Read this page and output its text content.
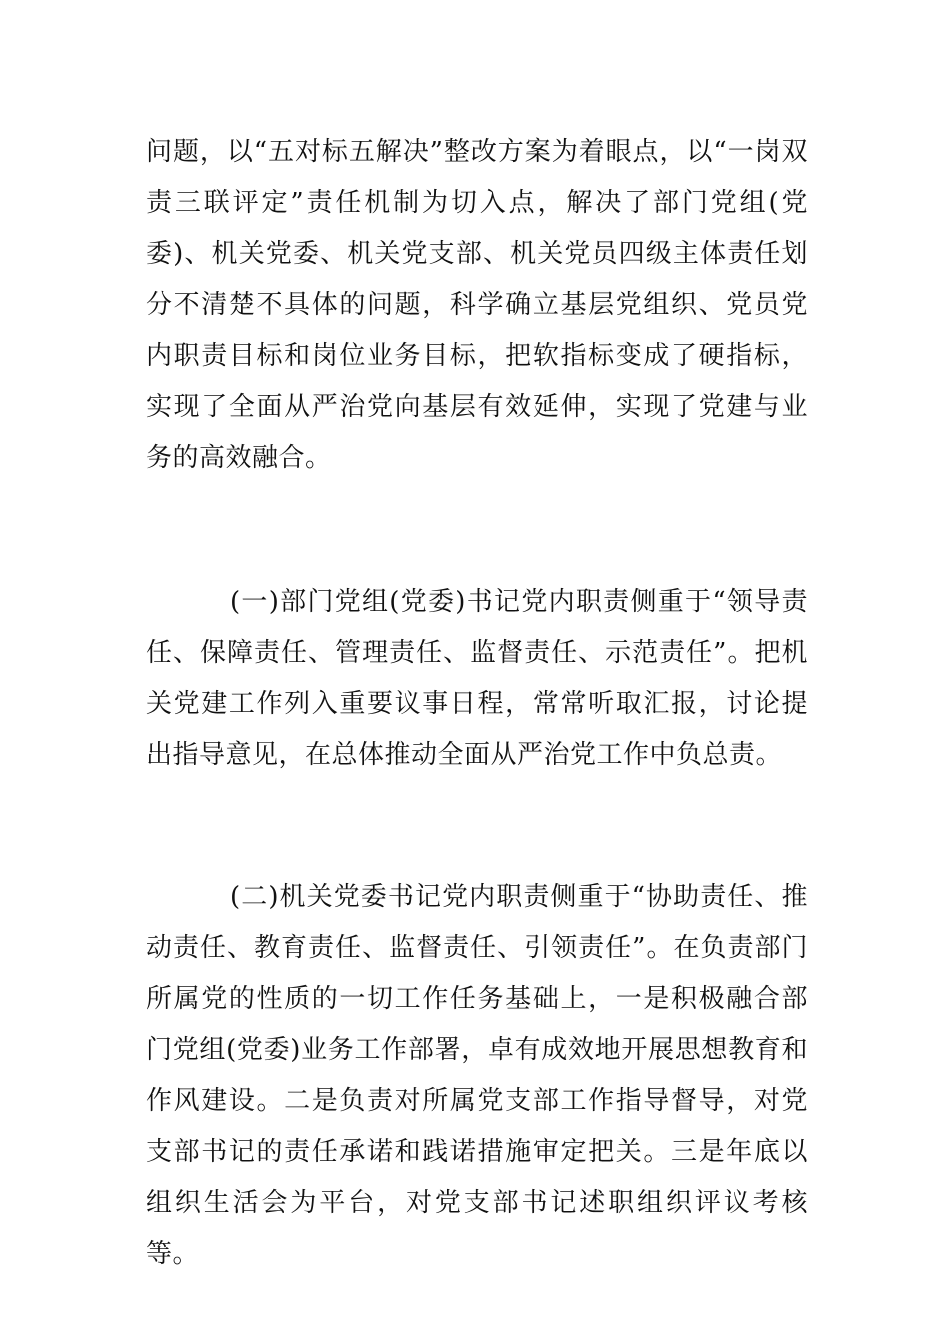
问题，以“五对标五解决”整改方案为着眼点，以“一岗双责三联评定”责任机制为切入点，解决了部门党组(党委)、机关党委、机关党支部、机关党员四级主体责任划分不清楚不具体的问题，科学确立基层党组织、党员党内职责目标和岗位业务目标，把软指标变成了硬指标，实现了全面从严治党向基层有效延伸，实现了党建与业务的高效融合。

(一)部门党组(党委)书记党内职责侧重于“领导责任、保障责任、管理责任、监督责任、示范责任”。把机关党建工作列入重要议事日程，常常听取汇报，讨论提出指导意见，在总体推动全面从严治党工作中负总责。

(二)机关党委书记党内职责侧重于“协助责任、推动责任、教育责任、监督责任、引领责任”。在负责部门所属党的性质的一切工作任务基础上，一是积极融合部门党组(党委)业务工作部署，卓有成效地开展思想教育和作风建设。二是负责对所属党支部工作指导督导，对党支部书记的责任承诺和践诺措施审定把关。三是年底以组织生活会为平台，对党支部书记述职组织评议考核等。
